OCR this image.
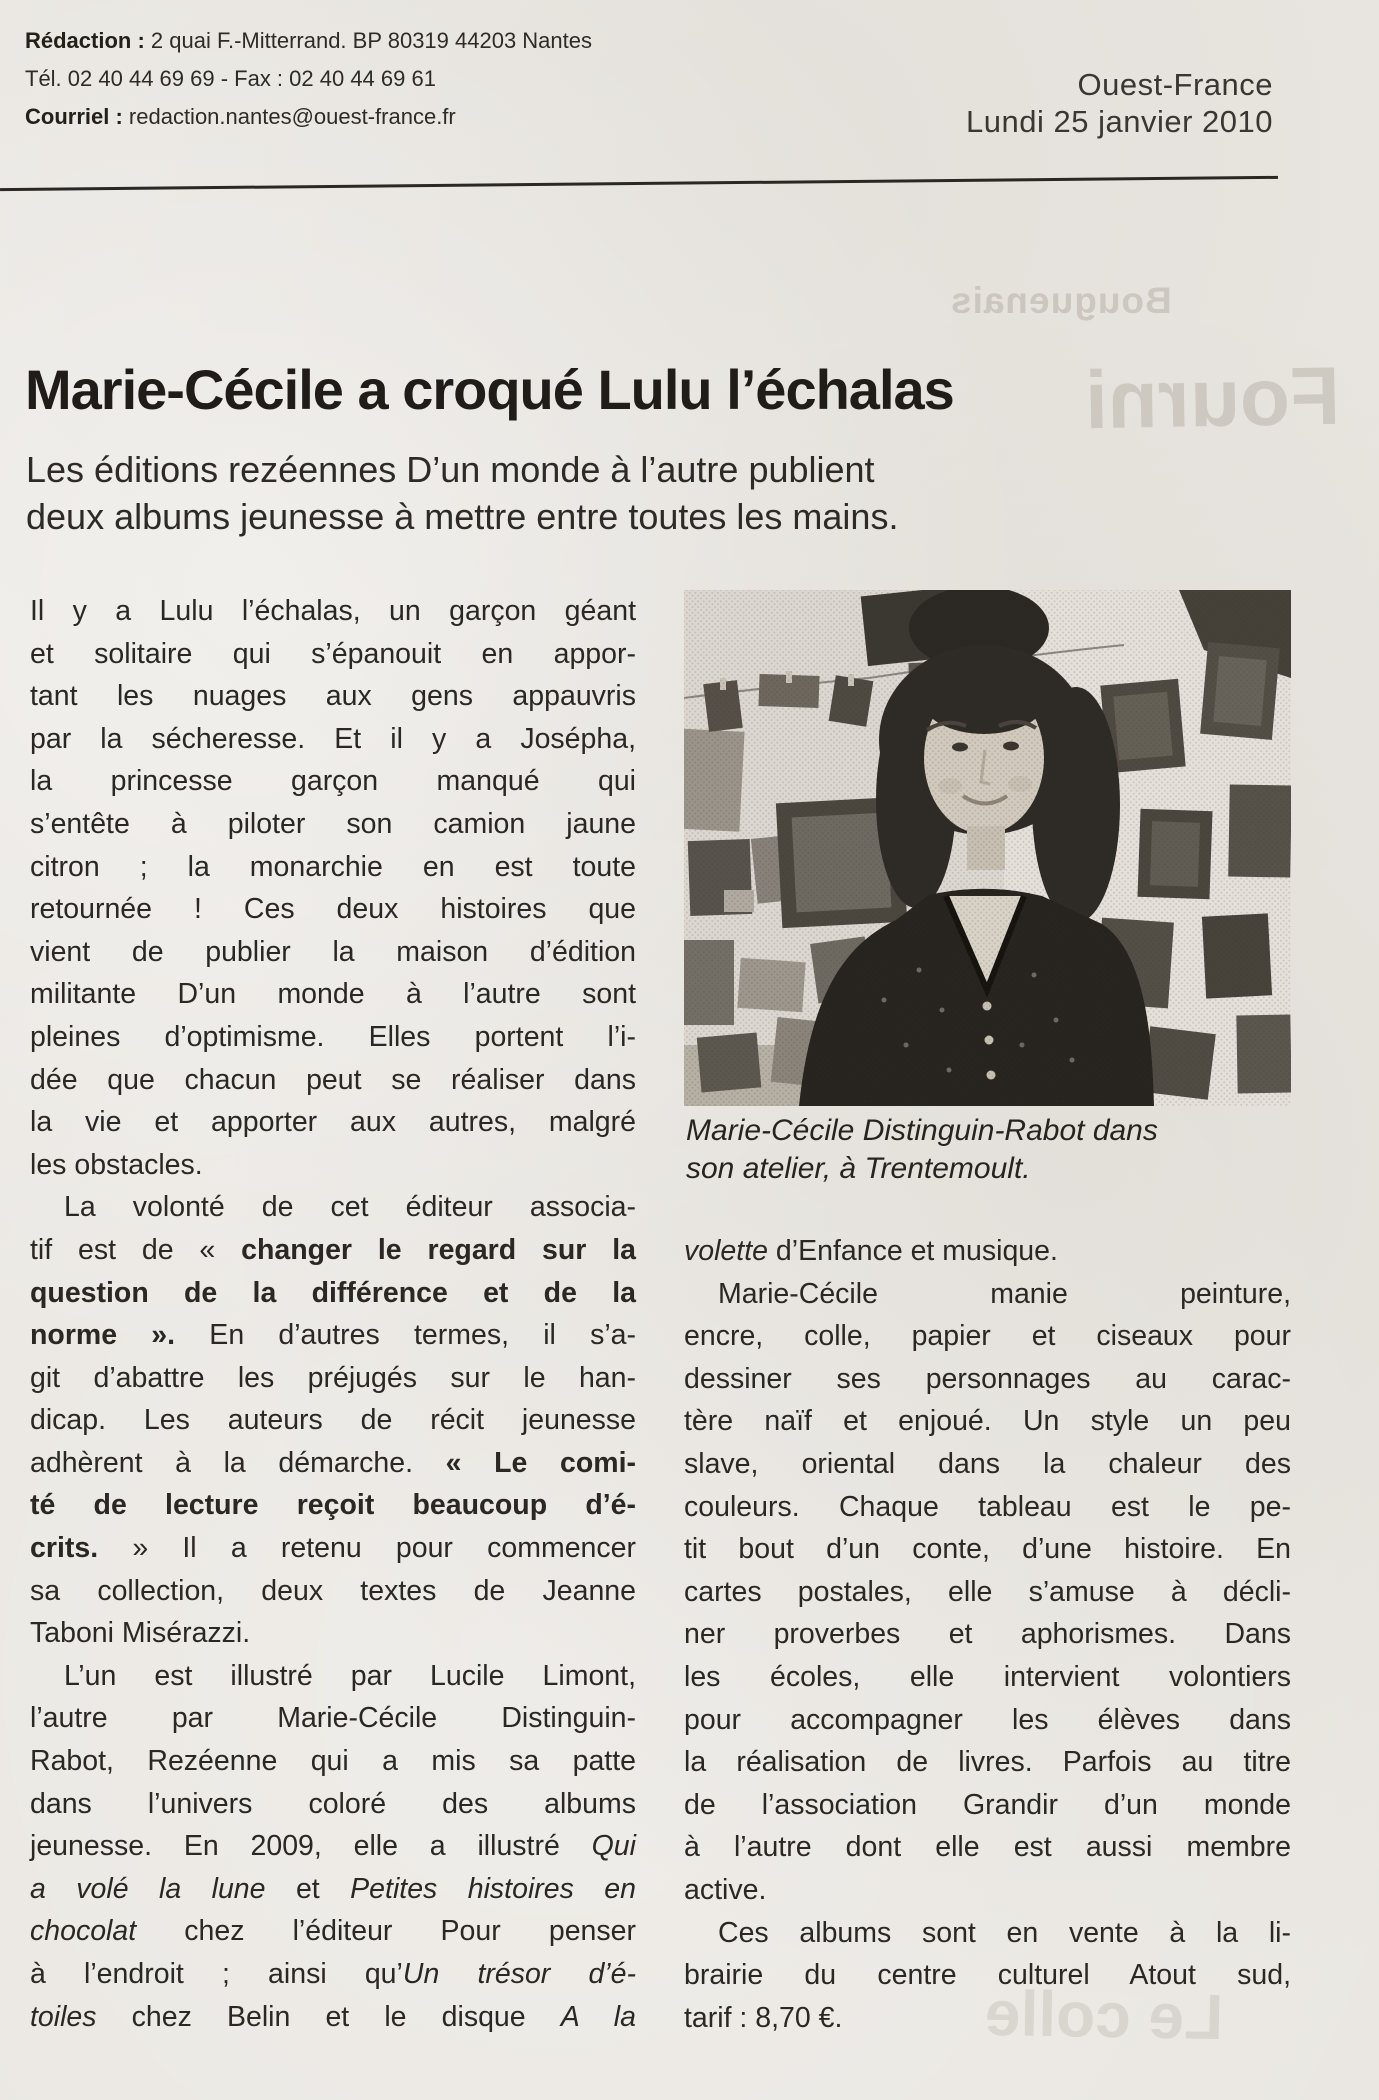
Rédaction : 2 quai F.-Mitterrand. BP 80319 44203 Nantes
Tél. 02 40 44 69 69 - Fax : 02 40 44 69 61
Courriel : redaction.nantes@ouest-france.fr
Ouest-France
Lundi 25 janvier 2010
Bouguenais
Fourni
Le colle
Marie-Cécile a croqué Lulu l’échalas
Les éditions rezéennes D’un monde à l’autre publient
deux albums jeunesse à mettre entre toutes les mains.
Il y a Lulu l’échalas, un garçon géant
et solitaire qui s’épanouit en appor-
tant les nuages aux gens appauvris
par la sécheresse. Et il y a Josépha,
la princesse garçon manqué qui
s’entête à piloter son camion jaune
citron ; la monarchie en est toute
retournée ! Ces deux histoires que
vient de publier la maison d’édition
militante D’un monde à l’autre sont
pleines d’optimisme. Elles portent l’i-
dée que chacun peut se réaliser dans
la vie et apporter aux autres, malgré
les obstacles.
La volonté de cet éditeur associa-
tif est de « changer le regard sur la
question de la différence et de la
norme ». En d’autres termes, il s’a-
git d’abattre les préjugés sur le han-
dicap. Les auteurs de récit jeunesse
adhèrent à la démarche. « Le comi-
té de lecture reçoit beaucoup d’é-
crits. » Il a retenu pour commencer
sa collection, deux textes de Jeanne
Taboni Misérazzi.
L’un est illustré par Lucile Limont,
l’autre par Marie-Cécile Distinguin-
Rabot, Rezéenne qui a mis sa patte
dans l’univers coloré des albums
jeunesse. En 2009, elle a illustré Qui
a volé la lune et Petites histoires en
chocolat chez l’éditeur Pour penser
à l’endroit ; ainsi qu’Un trésor d’é-
toiles chez Belin et le disque A la
Marie-Cécile Distinguin-Rabot dans
son atelier, à Trentemoult.
volette d’Enfance et musique.
Marie-Cécile manie peinture,
encre, colle, papier et ciseaux pour
dessiner ses personnages au carac-
tère naïf et enjoué. Un style un peu
slave, oriental dans la chaleur des
couleurs. Chaque tableau est le pe-
tit bout d’un conte, d’une histoire. En
cartes postales, elle s’amuse à décli-
ner proverbes et aphorismes. Dans
les écoles, elle intervient volontiers
pour accompagner les élèves dans
la réalisation de livres. Parfois au titre
de l’association Grandir d’un monde
à l’autre dont elle est aussi membre
active.
Ces albums sont en vente à la li-
brairie du centre culturel Atout sud,
tarif : 8,70 €.
